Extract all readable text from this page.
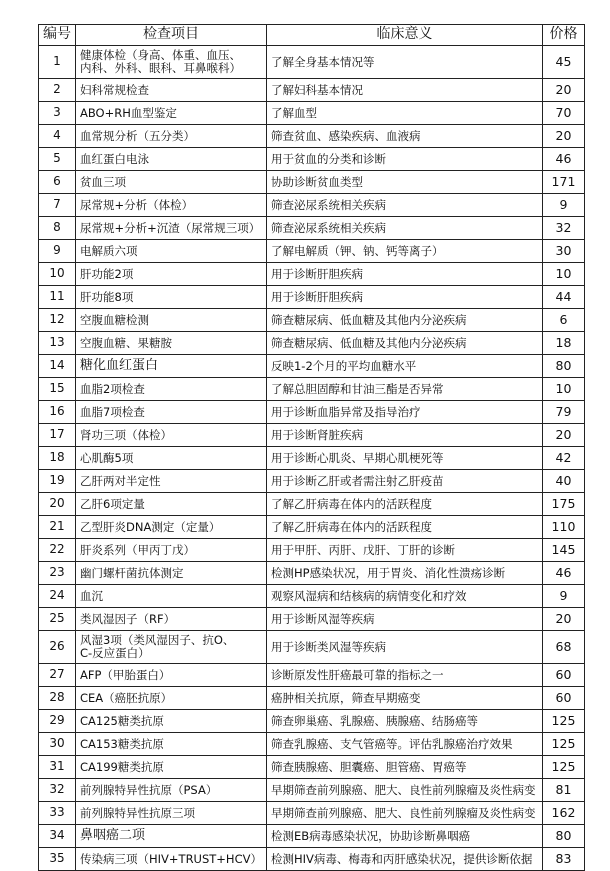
编号	检查项目	临床意义	价格
1	健康体检（身高、体重、血压、
内科、外科、眼科、耳鼻喉科）	了解全身基本情况等	45
2	妇科常规检查	了解妇科基本情况	20
3	ABO+RH血型鉴定	了解血型	70
4	血常规分析（五分类）	筛查贫血、感染疾病、血液病	20
5	血红蛋白电泳	用于贫血的分类和诊断	46
6	贫血三项	协助诊断贫血类型	171
7	尿常规+分析（体检）	筛查泌尿系统相关疾病	9
8	尿常规+分析+沉渣（尿常规三项）	筛查泌尿系统相关疾病	32
9	电解质六项	了解电解质（钾、钠、钙等离子）	30
10	肝功能2项	用于诊断肝胆疾病	10
11	肝功能8项	用于诊断肝胆疾病	44
12	空腹血糖检测	筛查糖尿病、低血糖及其他内分泌疾病	6
13	空腹血糖、果糖胺	筛查糖尿病、低血糖及其他内分泌疾病	18
14	糖化血红蛋白	反映1-2个月的平均血糖水平	80
15	血脂2项检查	了解总胆固醇和甘油三酯是否异常	10
16	血脂7项检查	用于诊断血脂异常及指导治疗	79
17	肾功三项（体检）	用于诊断肾脏疾病	20
18	心肌酶5项	用于诊断心肌炎、早期心肌梗死等	42
19	乙肝两对半定性	用于诊断乙肝或者需注射乙肝疫苗	40
20	乙肝6项定量	了解乙肝病毒在体内的活跃程度	175
21	乙型肝炎DNA测定（定量）	了解乙肝病毒在体内的活跃程度	110
22	肝炎系列（甲丙丁戊）	用于甲肝、丙肝、戊肝、丁肝的诊断	145
23	幽门螺杆菌抗体测定	检测HP感染状况，用于胃炎、消化性溃疡诊断	46
24	血沉	观察风湿病和结核病的病情变化和疗效	9
25	类风湿因子（RF）	用于诊断风湿等疾病	20
26	风湿3项（类风湿因子、抗O、
C-反应蛋白）	用于诊断类风湿等疾病	68
27	AFP（甲胎蛋白）	诊断原发性肝癌最可靠的指标之一	60
28	CEA（癌胚抗原）	癌肿相关抗原，筛查早期癌变	60
29	CA125糖类抗原	筛查卵巢癌、乳腺癌、胰腺癌、结肠癌等	125
30	CA153糖类抗原	筛查乳腺癌、支气管癌等。评估乳腺癌治疗效果	125
31	CA199糖类抗原	筛查胰腺癌、胆囊癌、胆管癌、胃癌等	125
32	前列腺特异性抗原（PSA）	早期筛查前列腺癌、肥大、良性前列腺瘤及炎性病变	81
33	前列腺特异性抗原三项	早期筛查前列腺癌、肥大、良性前列腺瘤及炎性病变	162
34	鼻咽癌二项	检测EB病毒感染状况，协助诊断鼻咽癌	80
35	传染病三项（HIV+TRUST+HCV）	检测HIV病毒、梅毒和丙肝感染状况，提供诊断依据	83
